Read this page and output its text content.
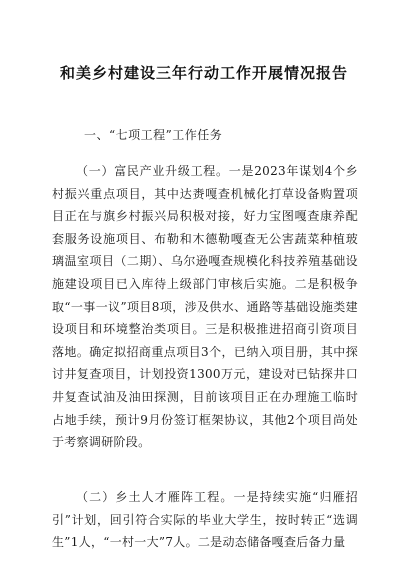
和美乡村建设三年行动工作开展情况报告
一、“七项工程”工作任务
（一）富民产业升级工程。一是2023年谋划4个乡村振兴重点项目，其中达赉嘎查机械化打草设备购置项目正在与旗乡村振兴局积极对接，好力宝图嘎查康养配套服务设施项目、布勒和木德勒嘎查无公害蔬菜种植玻璃温室项目（二期）、乌尔逊嘎查规模化科技养殖基础设施建设项目已入库待上级部门审核后实施。二是积极争取“一事一议”项目8项，涉及供水、通路等基础设施类建设项目和环境整治类项目。三是积极推进招商引资项目落地。确定拟招商重点项目3个，已纳入项目册，其中探讨井复查项目，计划投资1300万元，建设对已钻探井口井复查试油及油田探测，目前该项目正在办理施工临时占地手续，预计9月份签订框架协议，其他2个项目尚处于考察调研阶段。
（二）乡土人才雁阵工程。一是持续实施“归雁招引”计划，回引符合实际的毕业大学生，按时转正“选调生”1人，“一村一大”7人。二是动态储备嘎查后备力量
